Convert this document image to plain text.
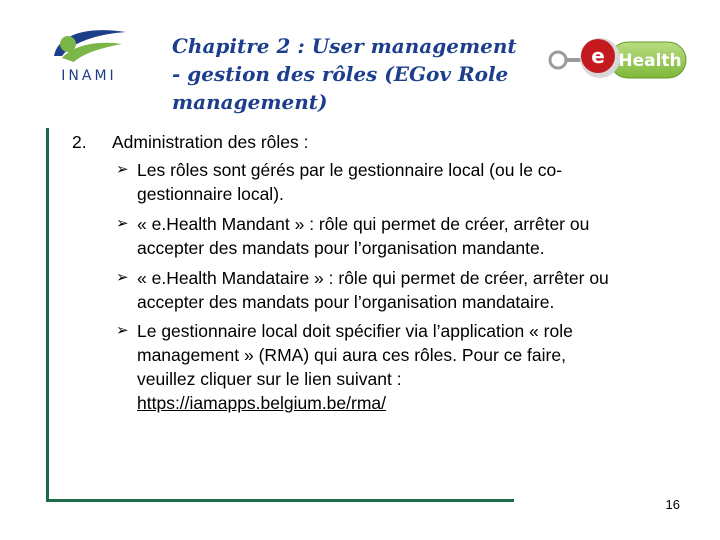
INAMI
Chapitre 2 : User management
- gestion des rôles (EGov Role
management)
e Health
2. Administration des rôles :
➢ Les rôles sont gérés par le gestionnaire local (ou le co-
gestionnaire local).
➢ « e.Health Mandant » : rôle qui permet de créer, arrêter ou
accepter des mandats pour l’organisation mandante.
➢ « e.Health Mandataire » : rôle qui permet de créer, arrêter ou
accepter des mandats pour l’organisation mandataire.
➢ Le gestionnaire local doit spécifier via l’application « role
management » (RMA) qui aura ces rôles. Pour ce faire,
veuillez cliquer sur le lien suivant :
https://iamapps.belgium.be/rma/
16
